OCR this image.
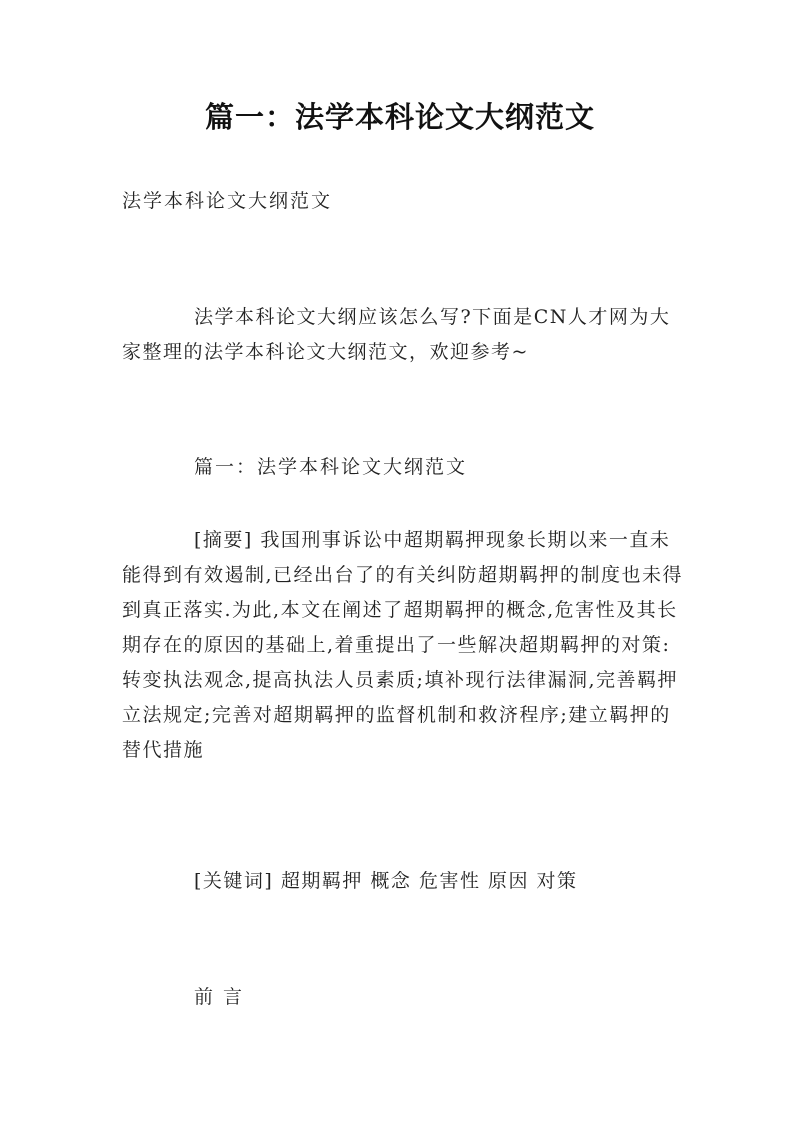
篇一：法学本科论文大纲范文
法学本科论文大纲范文
法学本科论文大纲应该怎么写?下面是CN人才网为大家整理的法学本科论文大纲范文，欢迎参考~
篇一：法学本科论文大纲范文
[摘要] 我国刑事诉讼中超期羁押现象长期以来一直未能得到有效遏制,已经出台了的有关纠防超期羁押的制度也未得到真正落实.为此,本文在阐述了超期羁押的概念,危害性及其长期存在的原因的基础上,着重提出了一些解决超期羁押的对策:转变执法观念,提高执法人员素质;填补现行法律漏洞,完善羁押立法规定;完善对超期羁押的监督机制和救济程序;建立羁押的替代措施
[关键词] 超期羁押 概念 危害性 原因 对策
前 言
